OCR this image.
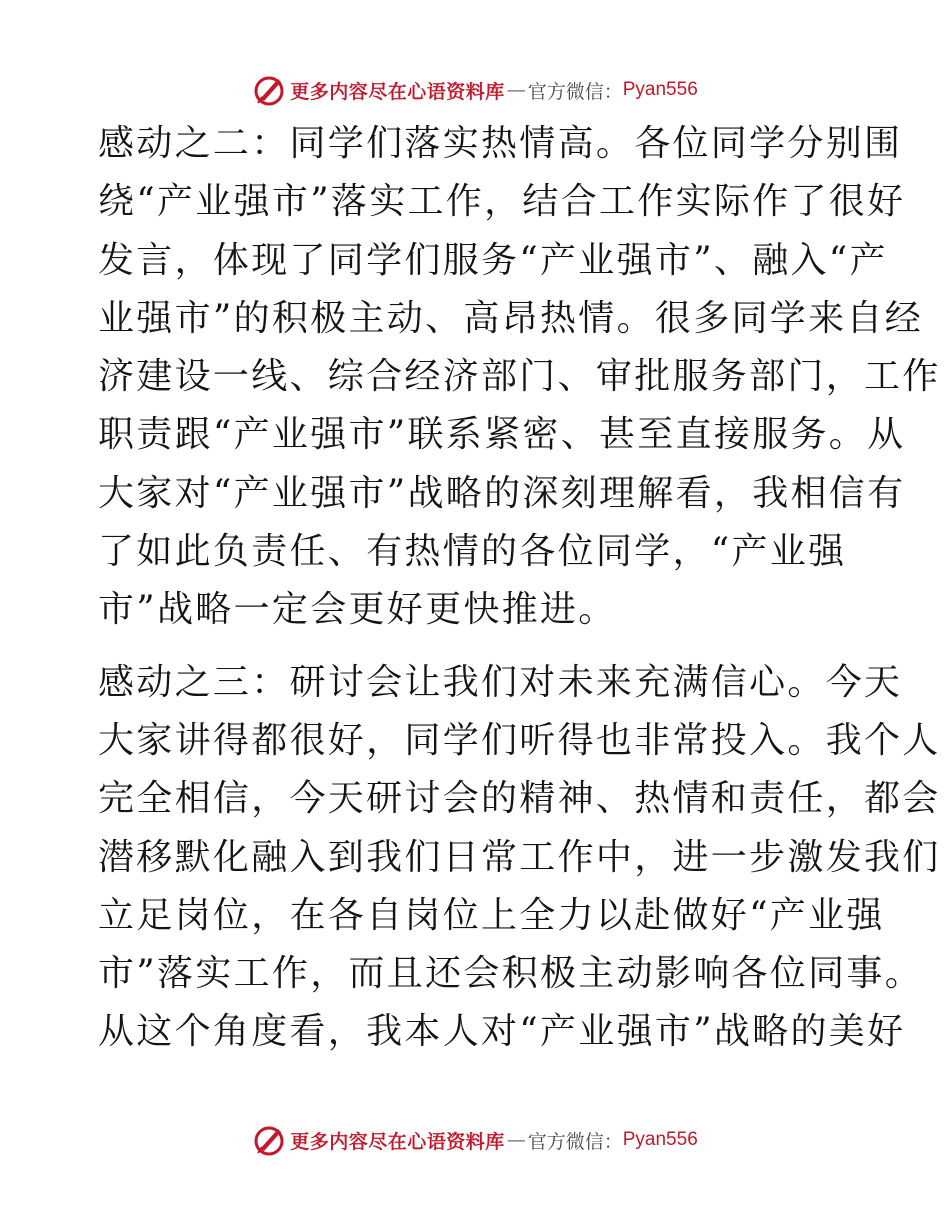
更多内容尽在心语资料库 — 官方微信： Pyan556

感动之二：同学们落实热情高。各位同学分别围
绕“产业强市”落实工作，结合工作实际作了很好
发言，体现了同学们服务“产业强市”、融入“产
业强市”的积极主动、高昂热情。很多同学来自经
济建设一线、综合经济部门、审批服务部门，工作
职责跟“产业强市”联系紧密、甚至直接服务。从
大家对“产业强市”战略的深刻理解看，我相信有
了如此负责任、有热情的各位同学，“产业强
市”战略一定会更好更快推进。

感动之三：研讨会让我们对未来充满信心。今天
大家讲得都很好，同学们听得也非常投入。我个人
完全相信，今天研讨会的精神、热情和责任，都会
潜移默化融入到我们日常工作中，进一步激发我们
立足岗位，在各自岗位上全力以赴做好“产业强
市”落实工作，而且还会积极主动影响各位同事。
从这个角度看，我本人对“产业强市”战略的美好

更多内容尽在心语资料库 — 官方微信： Pyan556
